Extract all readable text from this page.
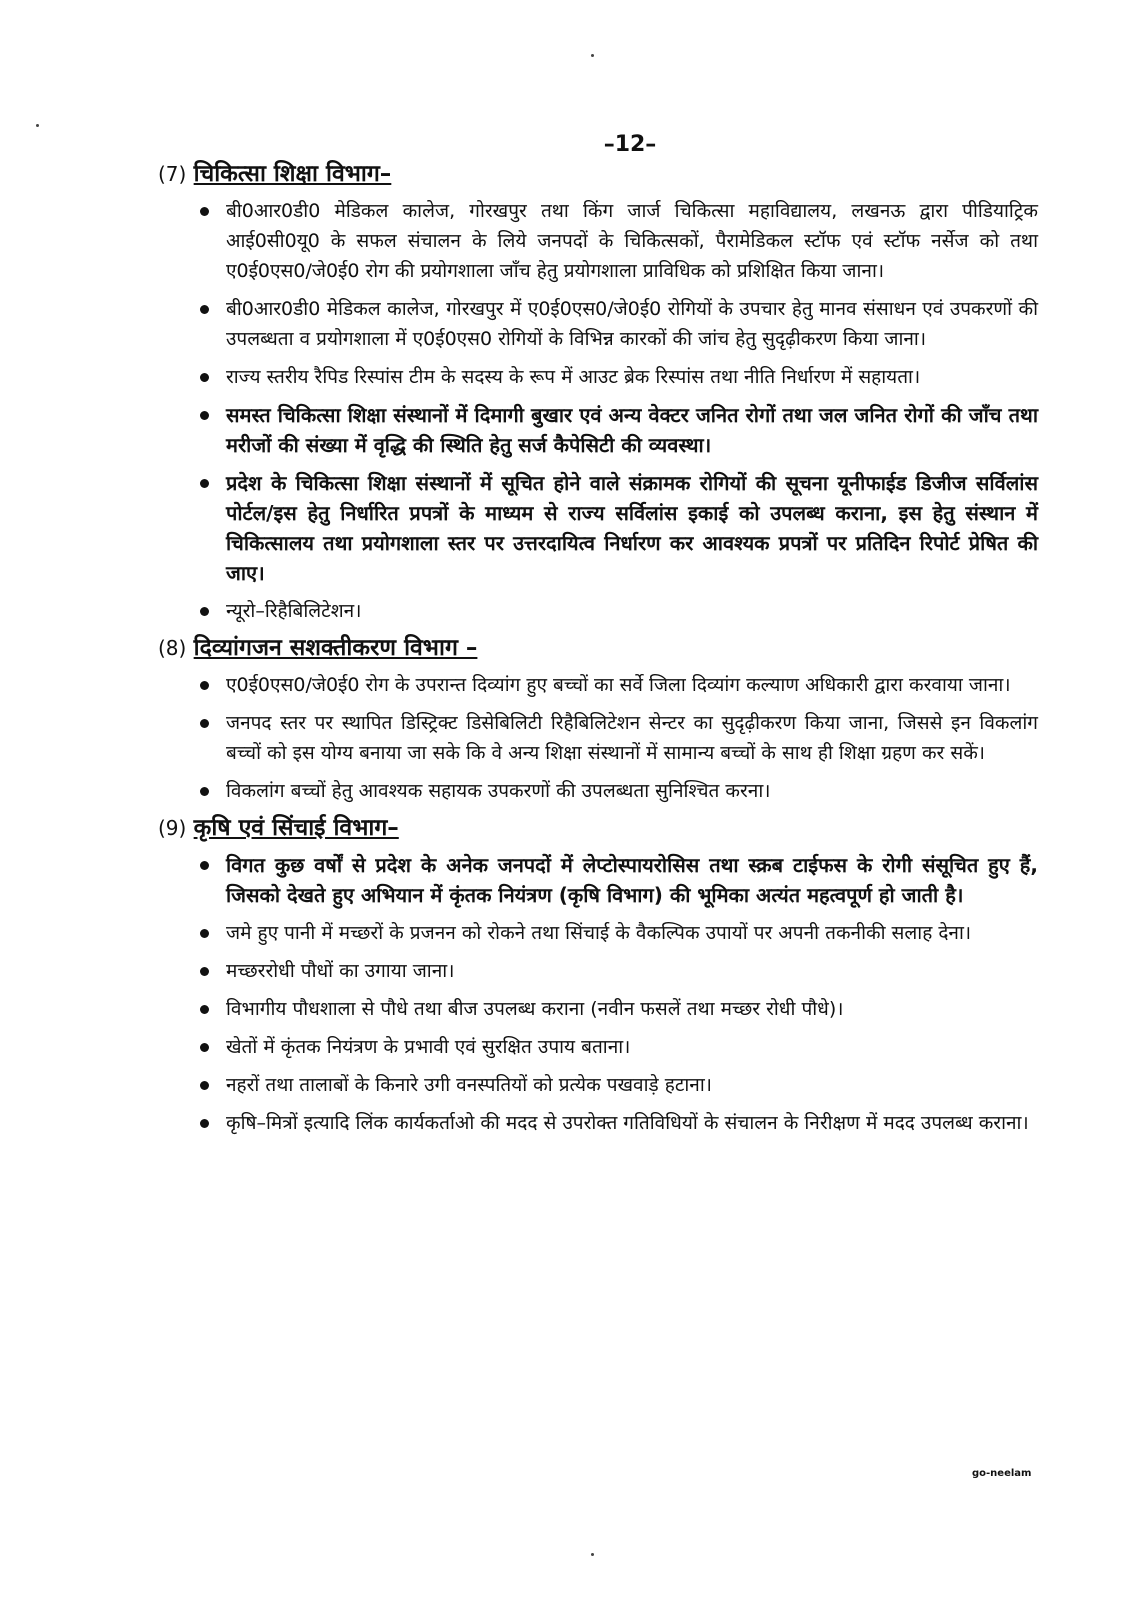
–12–
(7) चिकित्सा शिक्षा विभाग–
बी0आर0डी0 मेडिकल कालेज, गोरखपुर तथा किंग जार्ज चिकित्सा महाविद्यालय, लखनऊ द्वारा पीडियाट्रिक आई0सी0यू0 के सफल संचालन के लिये जनपदों के चिकित्सकों, पैरामेडिकल स्टॉफ एवं स्टॉफ नर्सेज को तथा ए0ई0एस0/जे0ई0 रोग की प्रयोगशाला जाँच हेतु प्रयोगशाला प्राविधिक को प्रशिक्षित किया जाना।
बी0आर0डी0 मेडिकल कालेज, गोरखपुर में ए0ई0एस0/जे0ई0 रोगियों के उपचार हेतु मानव संसाधन एवं उपकरणों की उपलब्धता व प्रयोगशाला में ए0ई0एस0 रोगियों के विभिन्न कारकों की जांच हेतु सुदृढ़ीकरण किया जाना।
राज्य स्तरीय रैपिड रिस्पांस टीम के सदस्य के रूप में आउट ब्रेक रिस्पांस तथा नीति निर्धारण में सहायता।
समस्त चिकित्सा शिक्षा संस्थानों में दिमागी बुखार एवं अन्य वेक्टर जनित रोगों तथा जल जनित रोगों की जाँच तथा मरीजों की संख्या में वृद्धि की स्थिति हेतु सर्ज कैपेसिटी की व्यवस्था।
प्रदेश के चिकित्सा शिक्षा संस्थानों में सूचित होने वाले संक्रामक रोगियों की सूचना यूनीफाईड डिजीज सर्विलांस पोर्टल/इस हेतु निर्धारित प्रपत्रों के माध्यम से राज्य सर्विलांस इकाई को उपलब्ध कराना, इस हेतु संस्थान में चिकित्सालय तथा प्रयोगशाला स्तर पर उत्तरदायित्व निर्धारण कर आवश्यक प्रपत्रों पर प्रतिदिन रिपोर्ट प्रेषित की जाए।
न्यूरो–रिहैबिलिटेशन।
(8) दिव्यांगजन सशक्तीकरण विभाग –
ए0ई0एस0/जे0ई0 रोग के उपरान्त दिव्यांग हुए बच्चों का सर्वे जिला दिव्यांग कल्याण अधिकारी द्वारा करवाया जाना।
जनपद स्तर पर स्थापित डिस्ट्रिक्ट डिसेबिलिटी रिहैबिलिटेशन सेन्टर का सुदृढ़ीकरण किया जाना, जिससे इन विकलांग बच्चों को इस योग्य बनाया जा सके कि वे अन्य शिक्षा संस्थानों में सामान्य बच्चों के साथ ही शिक्षा ग्रहण कर सकें।
विकलांग बच्चों हेतु आवश्यक सहायक उपकरणों की उपलब्धता सुनिश्चित करना।
(9) कृषि एवं सिंचाई विभाग–
विगत कुछ वर्षों से प्रदेश के अनेक जनपदों में लेप्टोस्पायरोसिस तथा स्क्रब टाईफस के रोगी संसूचित हुए हैं, जिसको देखते हुए अभियान में कृंतक नियंत्रण (कृषि विभाग) की भूमिका अत्यंत महत्वपूर्ण हो जाती है।
जमे हुए पानी में मच्छरों के प्रजनन को रोकने तथा सिंचाई के वैकल्पिक उपायों पर अपनी तकनीकी सलाह देना।
मच्छररोधी पौधों का उगाया जाना।
विभागीय पौधशाला से पौधे तथा बीज उपलब्ध कराना (नवीन फसलें तथा मच्छर रोधी पौधे)।
खेतों में कृंतक नियंत्रण के प्रभावी एवं सुरक्षित उपाय बताना।
नहरों तथा तालाबों के किनारे उगी वनस्पतियों को प्रत्येक पखवाड़े हटाना।
कृषि–मित्रों इत्यादि लिंक कार्यकर्ताओ की मदद से उपरोक्त गतिविधियों के संचालन के निरीक्षण में मदद उपलब्ध कराना।
go-neelam
